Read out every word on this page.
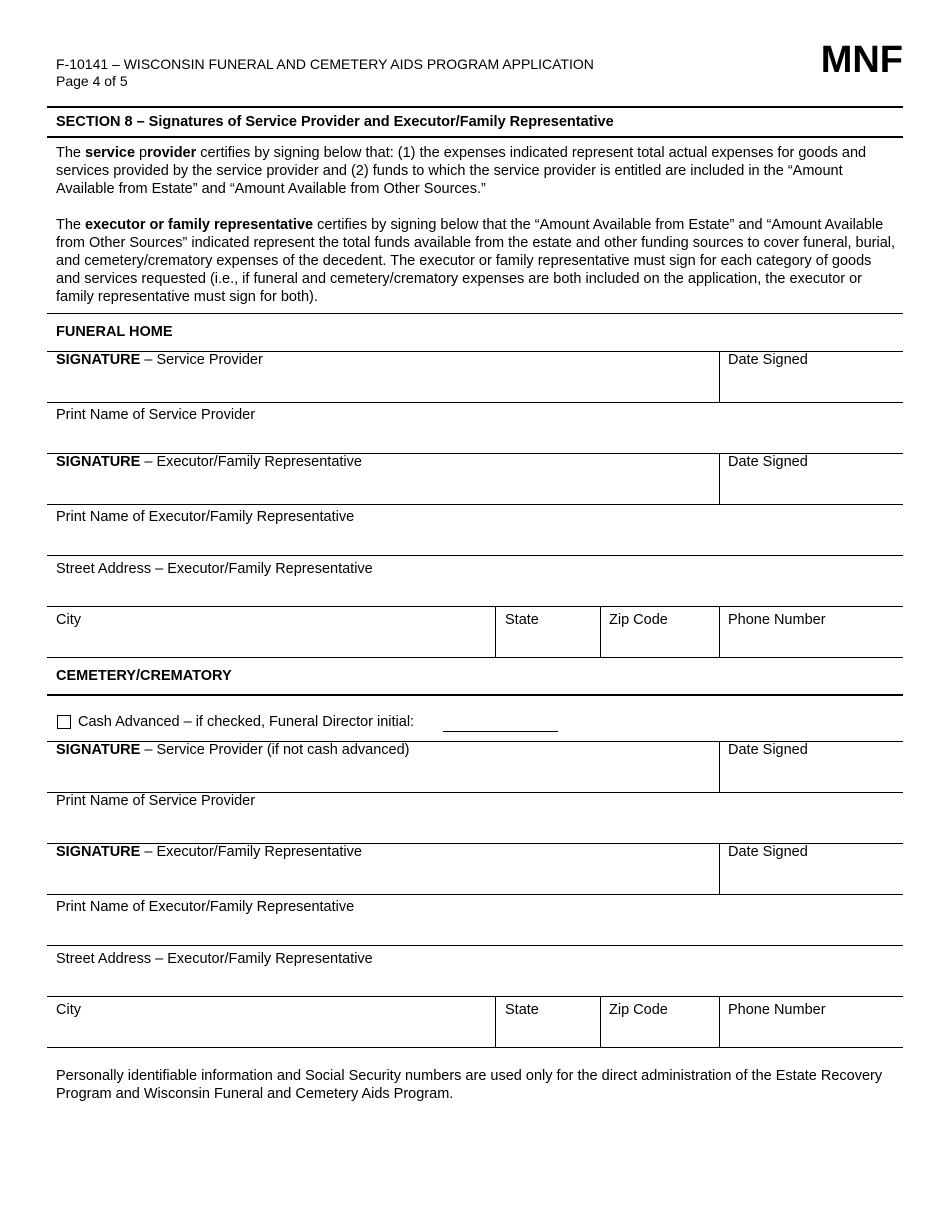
F-10141 – WISCONSIN FUNERAL AND CEMETERY AIDS PROGRAM APPLICATION
Page 4 of 5	MNF
SECTION 8 – Signatures of Service Provider and Executor/Family Representative
The service provider certifies by signing below that: (1) the expenses indicated represent total actual expenses for goods and services provided by the service provider and (2) funds to which the service provider is entitled are included in the “Amount Available from Estate” and “Amount Available from Other Sources.”
The executor or family representative certifies by signing below that the “Amount Available from Estate” and “Amount Available from Other Sources” indicated represent the total funds available from the estate and other funding sources to cover funeral, burial, and cemetery/crematory expenses of the decedent. The executor or family representative must sign for each category of goods and services requested (i.e., if funeral and cemetery/crematory expenses are both included on the application, the executor or family representative must sign for both).
FUNERAL HOME
SIGNATURE – Service Provider	Date Signed
Print Name of Service Provider
SIGNATURE – Executor/Family Representative	Date Signed
Print Name of Executor/Family Representative
Street Address – Executor/Family Representative
City	State	Zip Code	Phone Number
CEMETERY/CREMATORY
Cash Advanced – if checked, Funeral Director initial:
SIGNATURE – Service Provider (if not cash advanced)	Date Signed
Print Name of Service Provider
SIGNATURE – Executor/Family Representative	Date Signed
Print Name of Executor/Family Representative
Street Address – Executor/Family Representative
City	State	Zip Code	Phone Number
Personally identifiable information and Social Security numbers are used only for the direct administration of the Estate Recovery Program and Wisconsin Funeral and Cemetery Aids Program.
